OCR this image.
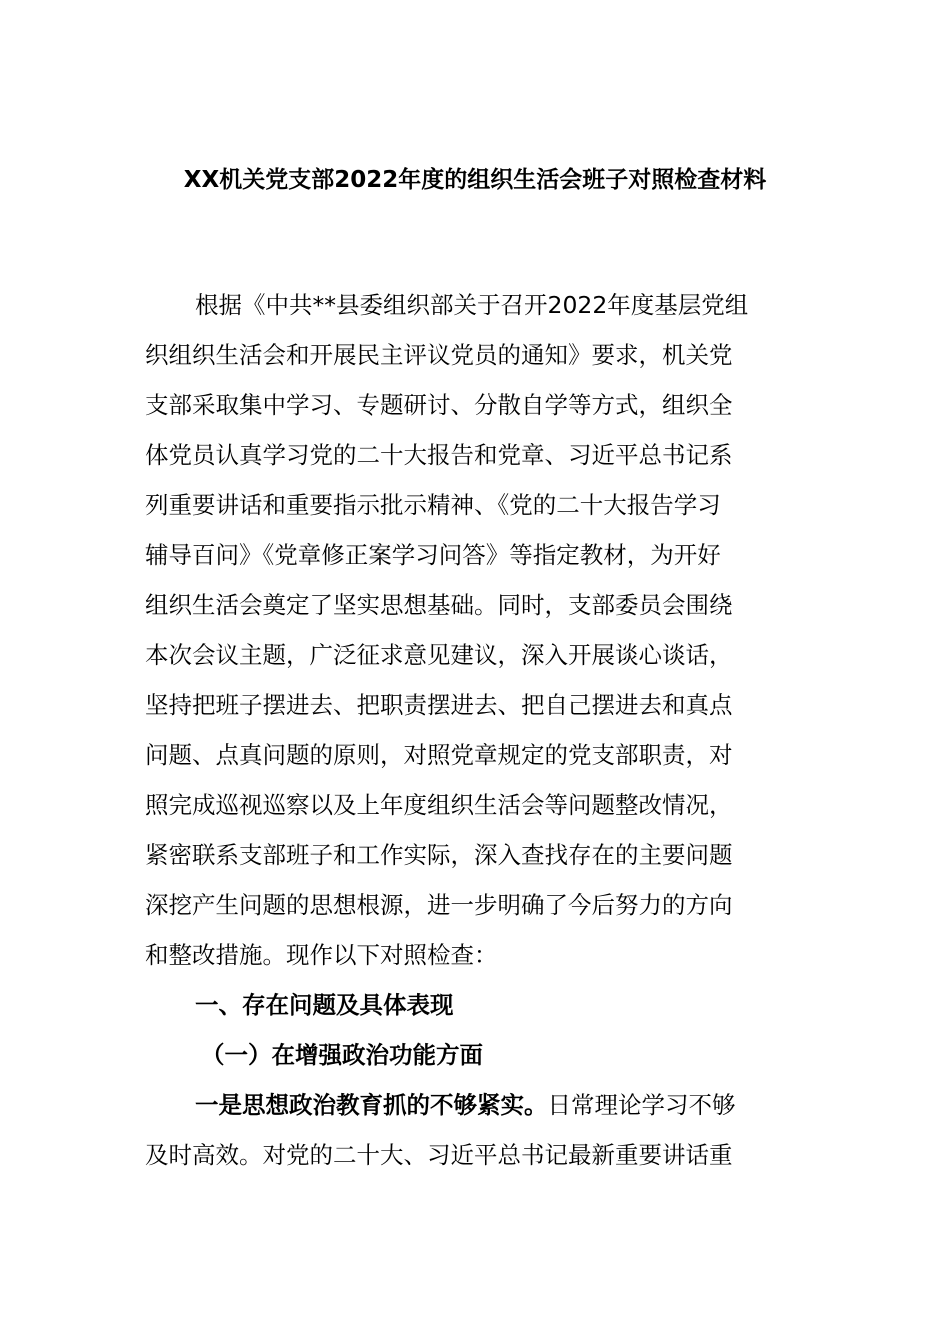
XX机关党支部2022年度的组织生活会班子对照检查材料
根据《中共**县委组织部关于召开2022年度基层党组
织组织生活会和开展民主评议党员的通知》要求，机关党
支部采取集中学习、专题研讨、分散自学等方式，组织全
体党员认真学习党的二十大报告和党章、习近平总书记系
列重要讲话和重要指示批示精神、《党的二十大报告学习
辅导百问》《党章修正案学习问答》等指定教材，为开好
组织生活会奠定了坚实思想基础。同时，支部委员会围绕
本次会议主题，广泛征求意见建议，深入开展谈心谈话，
坚持把班子摆进去、把职责摆进去、把自己摆进去和真点
问题、点真问题的原则，对照党章规定的党支部职责，对
照完成巡视巡察以及上年度组织生活会等问题整改情况，
紧密联系支部班子和工作实际，深入查找存在的主要问题
深挖产生问题的思想根源，进一步明确了今后努力的方向
和整改措施。现作以下对照检查：
一、存在问题及具体表现
（一）在增强政治功能方面
一是思想政治教育抓的不够紧实。日常理论学习不够
及时高效。对党的二十大、习近平总书记最新重要讲话重
